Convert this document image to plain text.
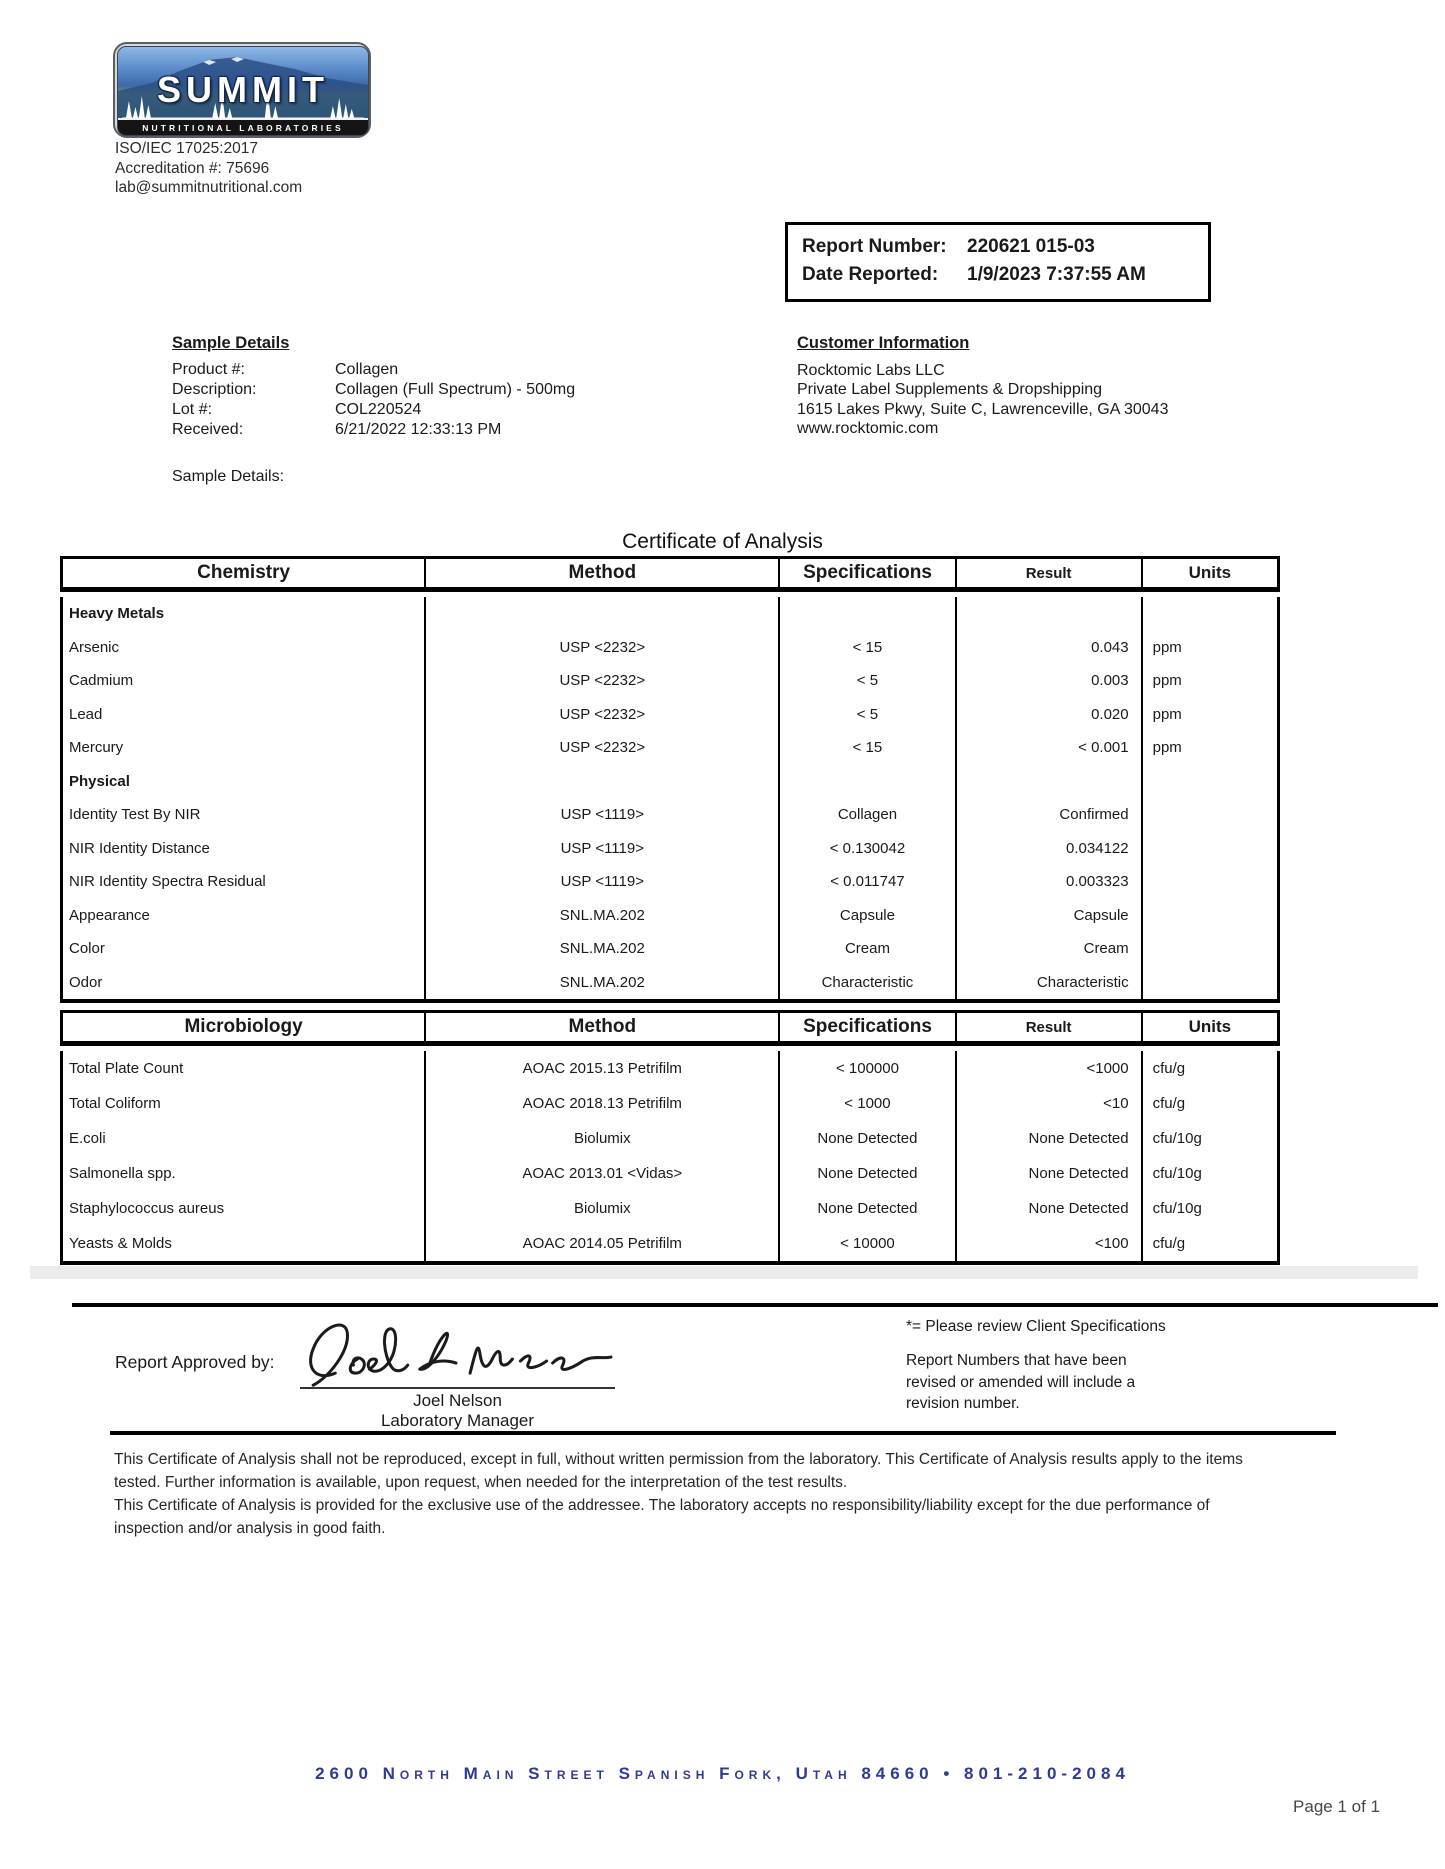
SUMMIT
NUTRITIONAL LABORATORIES
ISO/IEC 17025:2017
Accreditation #: 75696
lab@summitnutritional.com
Report Number:	220621 015-03
Date Reported:	1/9/2023 7:37:55 AM
Sample Details
Product #:	Collagen
Description:	Collagen (Full Spectrum) - 500mg
Lot #:	COL220524
Received:	6/21/2022 12:33:13 PM
Customer Information
Rocktomic Labs LLC
Private Label Supplements & Dropshipping
1615 Lakes Pkwy, Suite C, Lawrenceville, GA 30043
www.rocktomic.com
Sample Details:
Certificate of Analysis
Chemistry	Method	Specifications	Result	Units
Heavy Metals
Arsenic	USP <2232>	< 15	0.043	ppm
Cadmium	USP <2232>	< 5	0.003	ppm
Lead	USP <2232>	< 5	0.020	ppm
Mercury	USP <2232>	< 15	< 0.001	ppm
Physical
Identity Test By NIR	USP <1119>	Collagen	Confirmed
NIR Identity Distance	USP <1119>	< 0.130042	0.034122
NIR Identity Spectra Residual	USP <1119>	< 0.011747	0.003323
Appearance	SNL.MA.202	Capsule	Capsule
Color	SNL.MA.202	Cream	Cream
Odor	SNL.MA.202	Characteristic	Characteristic
Microbiology	Method	Specifications	Result	Units
Total Plate Count	AOAC 2015.13 Petrifilm	< 100000	<1000	cfu/g
Total Coliform	AOAC 2018.13 Petrifilm	< 1000	<10	cfu/g
E.coli	Biolumix	None Detected	None Detected	cfu/10g
Salmonella spp.	AOAC 2013.01 <Vidas>	None Detected	None Detected	cfu/10g
Staphylococcus aureus	Biolumix	None Detected	None Detected	cfu/10g
Yeasts & Molds	AOAC 2014.05 Petrifilm	< 10000	<100	cfu/g
Report Approved by:
Joel Nelson
Laboratory Manager
*= Please review Client Specifications
Report Numbers that have been revised or amended will include a revision number.

This Certificate of Analysis shall not be reproduced, except in full, without written permission from the laboratory. This Certificate of Analysis results apply to the items tested. Further information is available, upon request, when needed for the interpretation of the test results.

This Certificate of Analysis is provided for the exclusive use of the addressee. The laboratory accepts no responsibility/liability except for the due performance of inspection and/or analysis in good faith.

2600 North Main Street Spanish Fork, Utah 84660 • 801-210-2084
Page 1 of 1
